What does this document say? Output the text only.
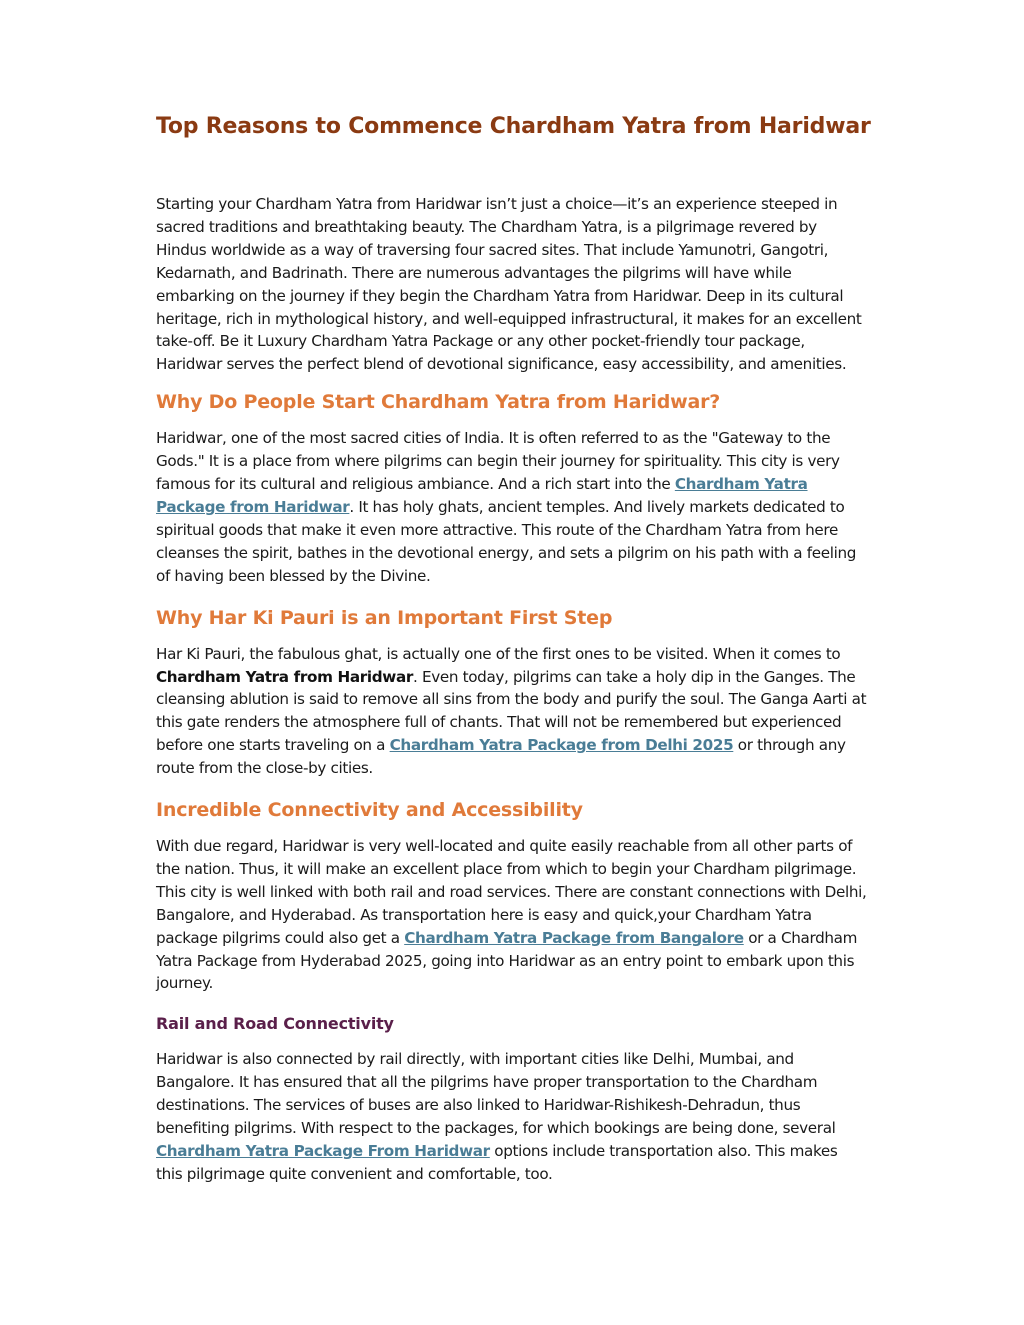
Top Reasons to Commence Chardham Yatra from Haridwar

Starting your Chardham Yatra from Haridwar isn’t just a choice—it’s an experience steeped in sacred traditions and breathtaking beauty. The Chardham Yatra, is a pilgrimage revered by Hindus worldwide as a way of traversing four sacred sites. That include Yamunotri, Gangotri, Kedarnath, and Badrinath. There are numerous advantages the pilgrims will have while embarking on the journey if they begin the Chardham Yatra from Haridwar. Deep in its cultural heritage, rich in mythological history, and well-equipped infrastructural, it makes for an excellent take-off. Be it Luxury Chardham Yatra Package or any other pocket-friendly tour package, Haridwar serves the perfect blend of devotional significance, easy accessibility, and amenities.

Why Do People Start Chardham Yatra from Haridwar?

Haridwar, one of the most sacred cities of India. It is often referred to as the "Gateway to the Gods." It is a place from where pilgrims can begin their journey for spirituality. This city is very famous for its cultural and religious ambiance. And a rich start into the Chardham Yatra Package from Haridwar. It has holy ghats, ancient temples. And lively markets dedicated to spiritual goods that make it even more attractive. This route of the Chardham Yatra from here cleanses the spirit, bathes in the devotional energy, and sets a pilgrim on his path with a feeling of having been blessed by the Divine.

Why Har Ki Pauri is an Important First Step

Har Ki Pauri, the fabulous ghat, is actually one of the first ones to be visited. When it comes to Chardham Yatra from Haridwar. Even today, pilgrims can take a holy dip in the Ganges. The cleansing ablution is said to remove all sins from the body and purify the soul. The Ganga Aarti at this gate renders the atmosphere full of chants. That will not be remembered but experienced before one starts traveling on a Chardham Yatra Package from Delhi 2025 or through any route from the close-by cities.

Incredible Connectivity and Accessibility

With due regard, Haridwar is very well-located and quite easily reachable from all other parts of the nation. Thus, it will make an excellent place from which to begin your Chardham pilgrimage. This city is well linked with both rail and road services. There are constant connections with Delhi, Bangalore, and Hyderabad. As transportation here is easy and quick,your Chardham Yatra package pilgrims could also get a Chardham Yatra Package from Bangalore or a Chardham Yatra Package from Hyderabad 2025, going into Haridwar as an entry point to embark upon this journey.

Rail and Road Connectivity

Haridwar is also connected by rail directly, with important cities like Delhi, Mumbai, and Bangalore. It has ensured that all the pilgrims have proper transportation to the Chardham destinations. The services of buses are also linked to Haridwar-Rishikesh-Dehradun, thus benefiting pilgrims. With respect to the packages, for which bookings are being done, several Chardham Yatra Package From Haridwar options include transportation also. This makes this pilgrimage quite convenient and comfortable, too.
